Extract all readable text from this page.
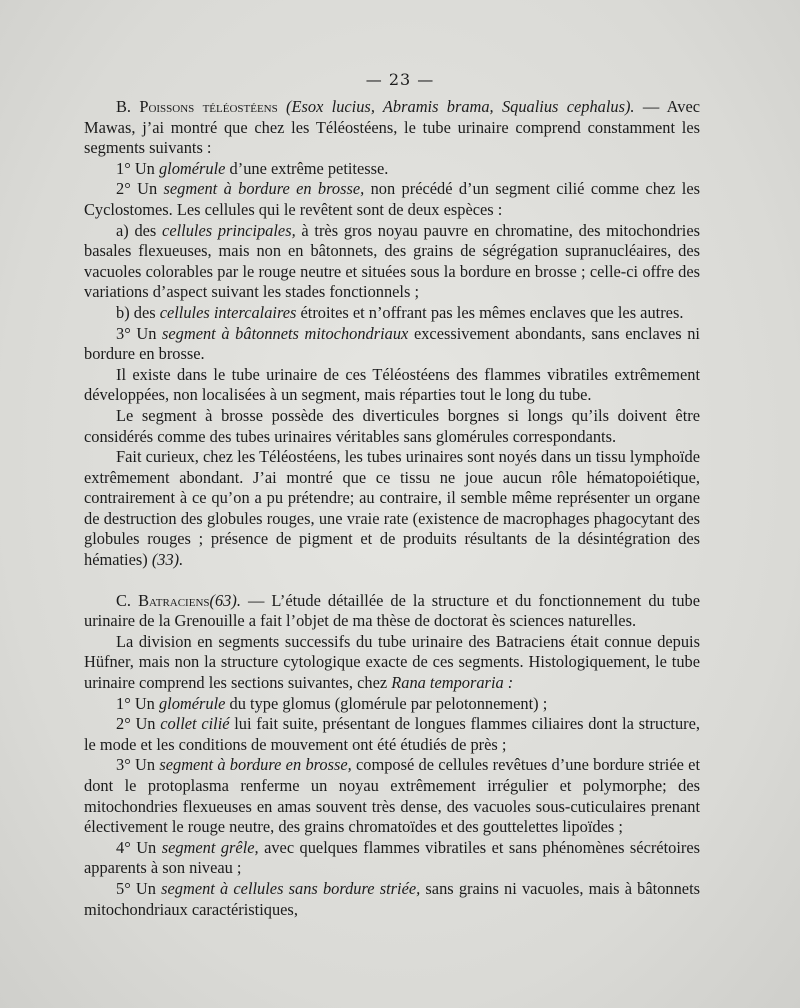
— 23 —

B. Poissons téléostéens (Esox lucius, Abramis brama, Squalius cephalus). — Avec Mawas, j’ai montré que chez les Téléostéens, le tube urinaire comprend constamment les segments suivants :

1° Un glomérule d’une extrême petitesse.

2° Un segment à bordure en brosse, non précédé d’un segment cilié comme chez les Cyclostomes. Les cellules qui le revêtent sont de deux espèces :

a) des cellules principales, à très gros noyau pauvre en chromatine, des mitochondries basales flexueuses, mais non en bâtonnets, des grains de ségrégation supranucléaires, des vacuoles colorables par le rouge neutre et situées sous la bordure en brosse ; celle-ci offre des variations d’aspect suivant les stades fonctionnels ;

b) des cellules intercalaires étroites et n’offrant pas les mêmes enclaves que les autres.

3° Un segment à bâtonnets mitochondriaux excessivement abondants, sans enclaves ni bordure en brosse.

Il existe dans le tube urinaire de ces Téléostéens des flammes vibratiles extrêmement développées, non localisées à un segment, mais réparties tout le long du tube.

Le segment à brosse possède des diverticules borgnes si longs qu’ils doivent être considérés comme des tubes urinaires véritables sans glomérules correspondants.

Fait curieux, chez les Téléostéens, les tubes urinaires sont noyés dans un tissu lymphoïde extrêmement abondant. J’ai montré que ce tissu ne joue aucun rôle hématopoiétique, contrairement à ce qu’on a pu prétendre; au contraire, il semble même représenter un organe de destruction des globules rouges, une vraie rate (existence de macrophages phagocytant des globules rouges ; présence de pigment et de produits résultants de la désintégration des hématies) (33).

C. Batraciens(63). — L’étude détaillée de la structure et du fonctionnement du tube urinaire de la Grenouille a fait l’objet de ma thèse de doctorat ès sciences naturelles.

La division en segments successifs du tube urinaire des Batraciens était connue depuis Hüfner, mais non la structure cytologique exacte de ces segments. Histologiquement, le tube urinaire comprend les sections suivantes, chez Rana temporaria :

1° Un glomérule du type glomus (glomérule par pelotonnement) ;

2° Un collet cilié lui fait suite, présentant de longues flammes ciliaires dont la structure, le mode et les conditions de mouvement ont été étudiés de près ;

3° Un segment à bordure en brosse, composé de cellules revêtues d’une bordure striée et dont le protoplasma renferme un noyau extrêmement irrégulier et polymorphe; des mitochondries flexueuses en amas souvent très dense, des vacuoles sous-cuticulaires prenant électivement le rouge neutre, des grains chromatoïdes et des gouttelettes lipoïdes ;

4° Un segment grêle, avec quelques flammes vibratiles et sans phénomènes sécrétoires apparents à son niveau ;

5° Un segment à cellules sans bordure striée, sans grains ni vacuoles, mais à bâtonnets mitochondriaux caractéristiques,
